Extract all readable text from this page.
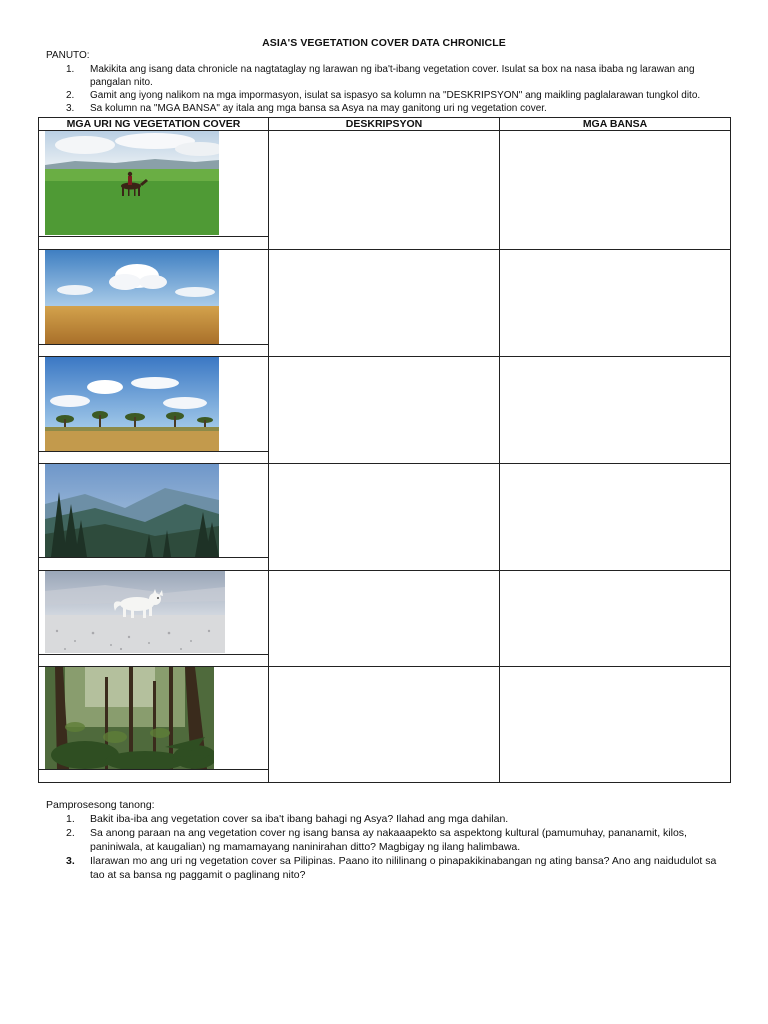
ASIA'S VEGETATION COVER DATA CHRONICLE
PANUTO:
1. Makikita ang isang data chronicle na nagtataglay ng larawan ng iba't-ibang vegetation cover. Isulat sa box na nasa ibaba ng larawan ang pangalan nito.
2. Gamit ang iyong nalikom na mga impormasyon, isulat sa ispasyo sa kolumn na "DESKRIPSYON" ang maikling paglalarawan tungkol dito.
3. Sa kolumn na "MGA BANSA" ay itala ang mga bansa sa Asya na may ganitong uri ng vegetation cover.
MGA URI NG VEGETATION COVER	DESKRIPSYON	MGA BANSA

Pamprosesong tanong:
1. Bakit iba-iba ang vegetation cover sa iba't ibang bahagi ng Asya? Ilahad ang mga dahilan.
2. Sa anong paraan na ang vegetation cover ng isang bansa ay nakaaapekto sa aspektong kultural (pamumuhay, pananamit, kilos, paniniwala, at kaugalian) ng mamamayang naninirahan ditto? Magbigay ng ilang halimbawa.
3. Ilarawan mo ang uri ng vegetation cover sa Pilipinas. Paano ito nililinang o pinapakikinabangan ng ating bansa? Ano ang naidudulot sa tao at sa bansa ng paggamit o paglinang nito?
